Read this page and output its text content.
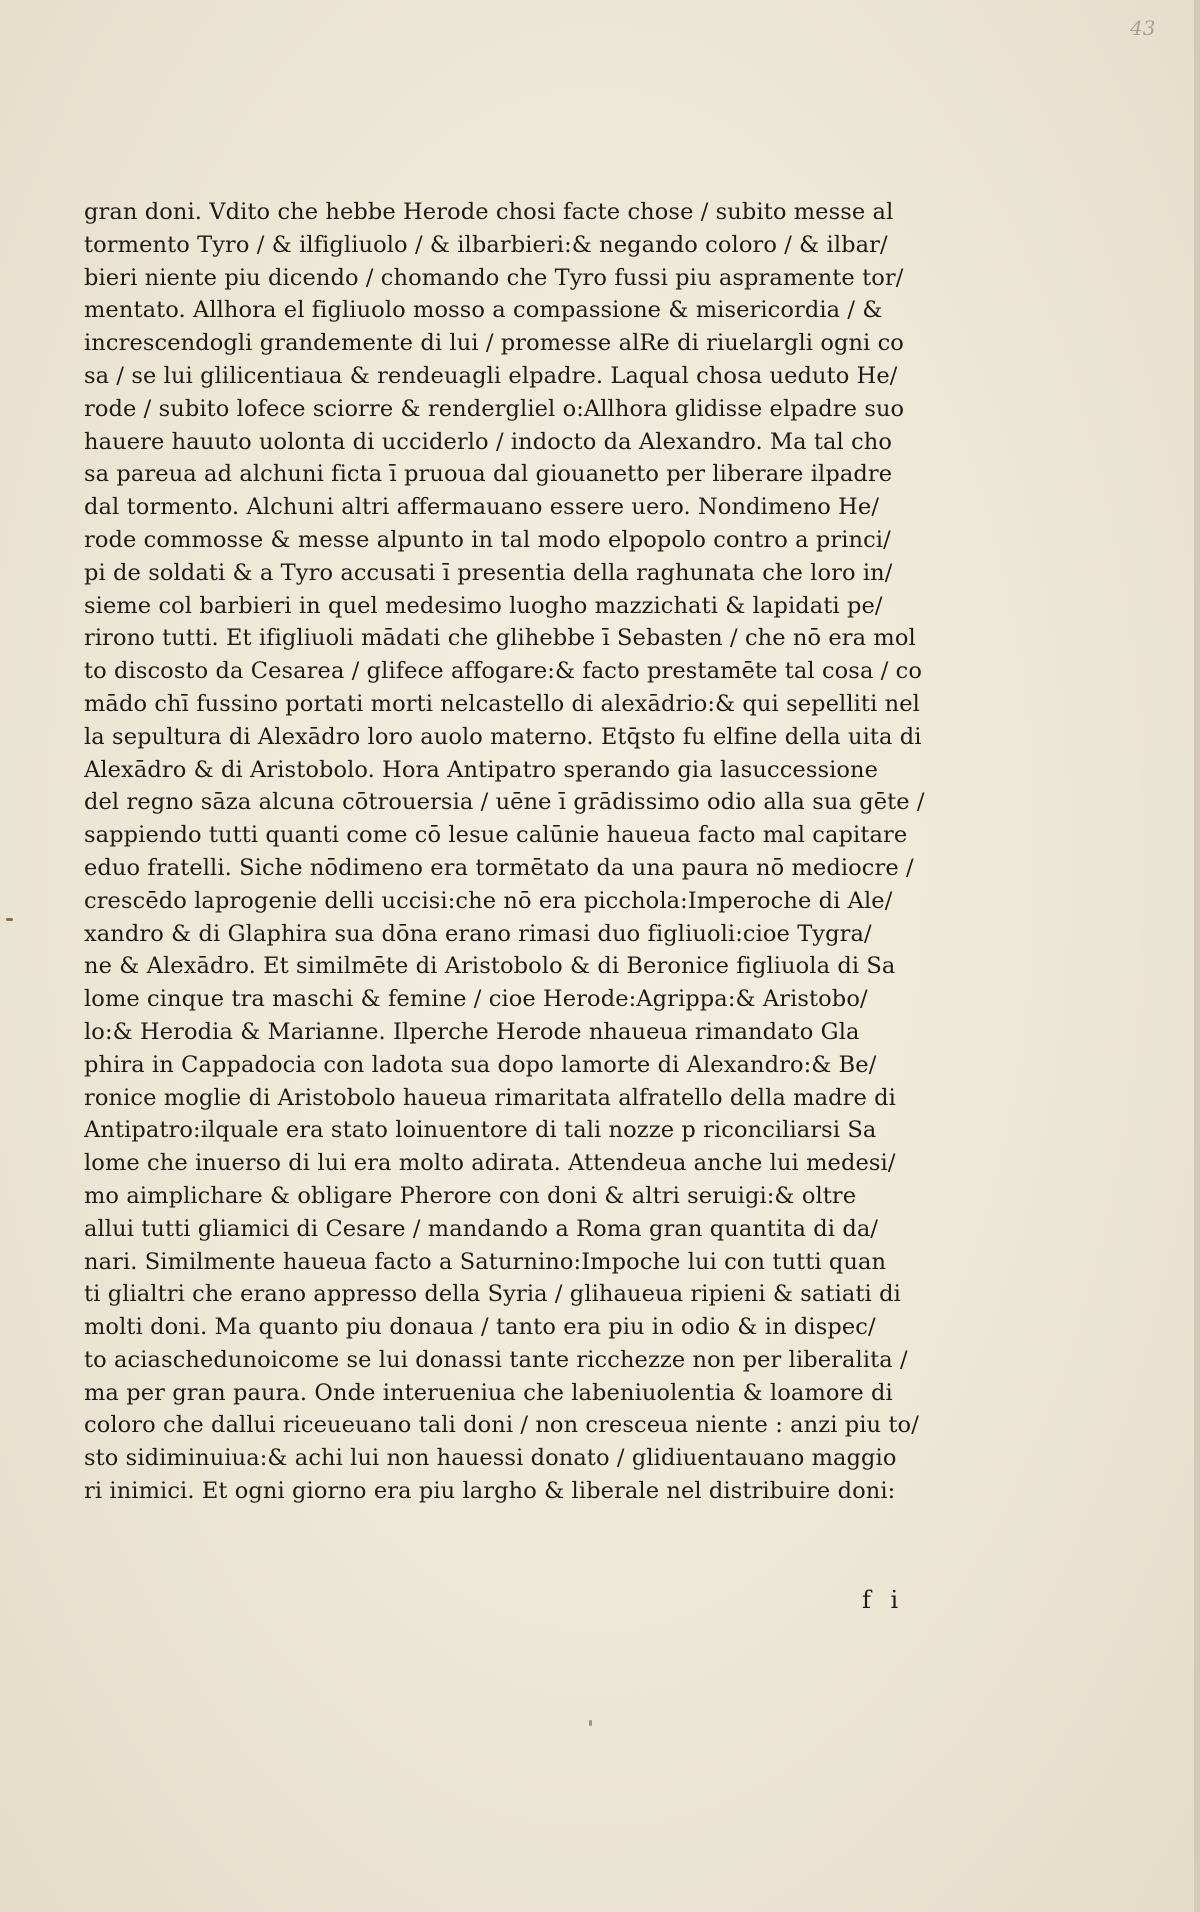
43
gran doni. Vdito che hebbe Herode chosi facte chose / subito messe al
tormento Tyro / & ilfigliuolo / & ilbarbieri:& negando coloro / & ilbar/
bieri niente piu dicendo / chomando che Tyro fussi piu aspramente tor/
mentato. Allhora el figliuolo mosso a compassione & misericordia / &
increscendogli grandemente di lui / promesse alRe di riuelargli ogni co
sa / se lui glilicentiaua & rendeuagli elpadre. Laqual chosa ueduto He/
rode / subito lofece sciorre & rendergliel o:Allhora glidisse elpadre suo
hauere hauuto uolonta di ucciderlo / indocto da Alexandro. Ma tal cho
sa pareua ad alchuni ficta ī pruoua dal giouanetto per liberare ilpadre
dal tormento. Alchuni altri affermauano essere uero. Nondimeno He/
rode commosse & messe alpunto in tal modo elpopolo contro a princi/
pi de soldati & a Tyro accusati ī presentia della raghunata che loro in/
sieme col barbieri in quel medesimo luogho mazzichati & lapidati pe/
rirono tutti. Et ifigliuoli mādati che glihebbe ī Sebasten / che nō era mol
to discosto da Cesarea / glifece affogare:& facto prestamēte tal cosa / co
mādo chī fussino portati morti nelcastello di alexādrio:& qui sepelliti nel
la sepultura di Alexādro loro auolo materno. Etq̄sto fu elfine della uita di
Alexādro & di Aristobolo. Hora Antipatro sperando gia lasuccessione
del regno sāza alcuna cōtrouersia / uēne ī grādissimo odio alla sua gēte /
sappiendo tutti quanti come cō lesue calūnie haueua facto mal capitare
eduo fratelli. Siche nōdimeno era tormētato da una paura nō mediocre /
crescēdo laprogenie delli uccisi:che nō era picchola:Imperoche di Ale/
xandro & di Glaphira sua dōna erano rimasi duo figliuoli:cioe Tygra/
ne & Alexādro. Et similmēte di Aristobolo & di Beronice figliuola di Sa
lome cinque tra maschi & femine / cioe Herode:Agrippa:& Aristobo/
lo:& Herodia & Marianne. Ilperche Herode nhaueua rimandato Gla
phira in Cappadocia con ladota sua dopo lamorte di Alexandro:& Be/
ronice moglie di Aristobolo haueua rimaritata alfratello della madre di
Antipatro:ilquale era stato loinuentore di tali nozze p riconciliarsi Sa
lome che inuerso di lui era molto adirata. Attendeua anche lui medesi/
mo aimplichare & obligare Pherore con doni & altri seruigi:& oltre
allui tutti gliamici di Cesare / mandando a Roma gran quantita di da/
nari. Similmente haueua facto a Saturnino:Impoche lui con tutti quan
ti glialtri che erano appresso della Syria / glihaueua ripieni & satiati di
molti doni. Ma quanto piu donaua / tanto era piu in odio & in dispec/
to aciaschedunoicome se lui donassi tante ricchezze non per liberalita /
ma per gran paura. Onde interueniua che labeniuolentia & loamore di
coloro che dallui riceueuano tali doni / non cresceua niente : anzi piu to/
sto sidiminuiua:& achi lui non hauessi donato / glidiuentauano maggio
ri inimici. Et ogni giorno era piu largho & liberale nel distribuire doni:
f i
